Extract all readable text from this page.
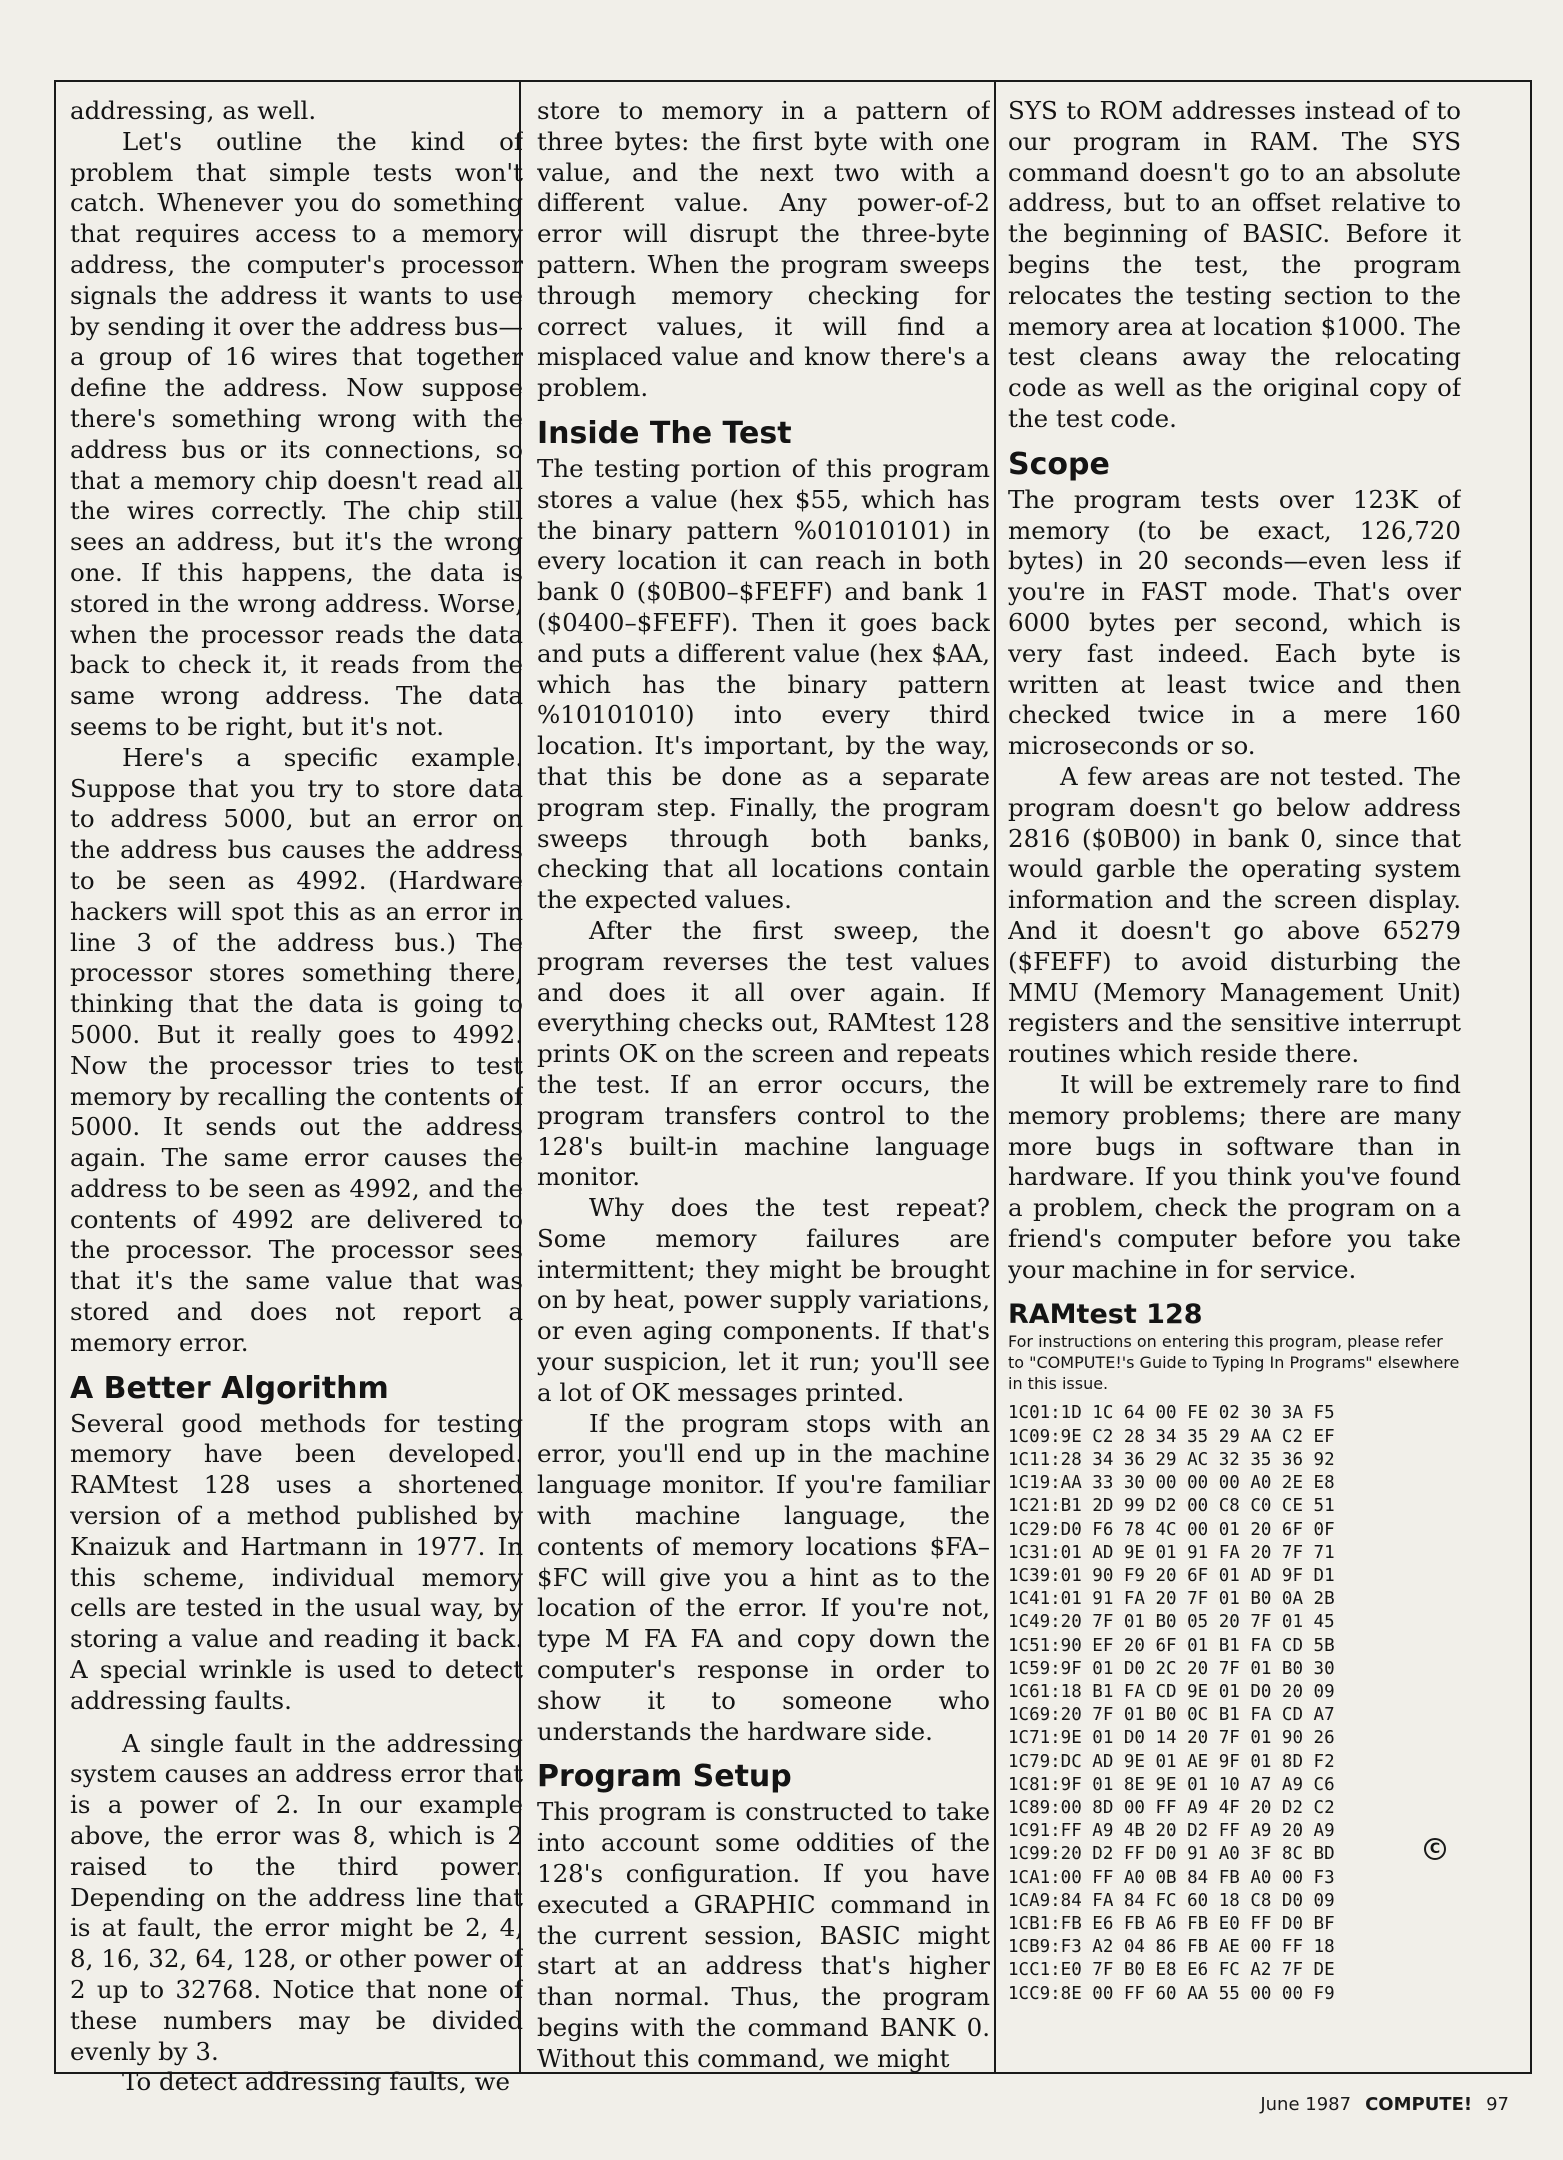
addressing, as well.

Let's outline the kind of problem that simple tests won't catch. Whenever you do something that requires access to a memory address, the computer's processor signals the address it wants to use by sending it over the address bus—a group of 16 wires that together define the address. Now suppose there's something wrong with the address bus or its connections, so that a memory chip doesn't read all the wires correctly. The chip still sees an address, but it's the wrong one. If this happens, the data is stored in the wrong address. Worse, when the processor reads the data back to check it, it reads from the same wrong address. The data seems to be right, but it's not.

Here's a specific example. Suppose that you try to store data to address 5000, but an error on the address bus causes the address to be seen as 4992. (Hardware hackers will spot this as an error in line 3 of the address bus.) The processor stores something there, thinking that the data is going to 5000. But it really goes to 4992. Now the processor tries to test memory by recalling the contents of 5000. It sends out the address again. The same error causes the address to be seen as 4992, and the contents of 4992 are delivered to the processor. The processor sees that it's the same value that was stored and does not report a memory error.

A Better Algorithm

Several good methods for testing memory have been developed. RAMtest 128 uses a shortened version of a method published by Knaizuk and Hartmann in 1977. In this scheme, individual memory cells are tested in the usual way, by storing a value and reading it back. A special wrinkle is used to detect addressing faults.

A single fault in the addressing system causes an address error that is a power of 2. In our example above, the error was 8, which is 2 raised to the third power. Depending on the address line that is at fault, the error might be 2, 4, 8, 16, 32, 64, 128, or other power of 2 up to 32768. Notice that none of these numbers may be divided evenly by 3.

To detect addressing faults, we

store to memory in a pattern of three bytes: the first byte with one value, and the next two with a different value. Any power-of-2 error will disrupt the three-byte pattern. When the program sweeps through memory checking for correct values, it will find a misplaced value and know there's a problem.

Inside The Test

The testing portion of this program stores a value (hex $55, which has the binary pattern %01010101) in every location it can reach in both bank 0 ($0B00–$FEFF) and bank 1 ($0400–$FEFF). Then it goes back and puts a different value (hex $AA, which has the binary pattern %10101010) into every third location. It's important, by the way, that this be done as a separate program step. Finally, the program sweeps through both banks, checking that all locations contain the expected values.

After the first sweep, the program reverses the test values and does it all over again. If everything checks out, RAMtest 128 prints OK on the screen and repeats the test. If an error occurs, the program transfers control to the 128's built-in machine language monitor.

Why does the test repeat? Some memory failures are intermittent; they might be brought on by heat, power supply variations, or even aging components. If that's your suspicion, let it run; you'll see a lot of OK messages printed.

If the program stops with an error, you'll end up in the machine language monitor. If you're familiar with machine language, the contents of memory locations $FA–$FC will give you a hint as to the location of the error. If you're not, type M FA FA and copy down the computer's response in order to show it to someone who understands the hardware side.

Program Setup

This program is constructed to take into account some oddities of the 128's configuration. If you have executed a GRAPHIC command in the current session, BASIC might start at an address that's higher than normal. Thus, the program begins with the command BANK 0. Without this command, we might

SYS to ROM addresses instead of to our program in RAM. The SYS command doesn't go to an absolute address, but to an offset relative to the beginning of BASIC. Before it begins the test, the program relocates the testing section to the memory area at location $1000. The test cleans away the relocating code as well as the original copy of the test code.

Scope

The program tests over 123K of memory (to be exact, 126,720 bytes) in 20 seconds—even less if you're in FAST mode. That's over 6000 bytes per second, which is very fast indeed. Each byte is written at least twice and then checked twice in a mere 160 microseconds or so.

A few areas are not tested. The program doesn't go below address 2816 ($0B00) in bank 0, since that would garble the operating system information and the screen display. And it doesn't go above 65279 ($FEFF) to avoid disturbing the MMU (Memory Management Unit) registers and the sensitive interrupt routines which reside there.

It will be extremely rare to find memory problems; there are many more bugs in software than in hardware. If you think you've found a problem, check the program on a friend's computer before you take your machine in for service.

RAMtest 128
For instructions on entering this program, please refer to "COMPUTE!'s Guide to Typing In Programs" elsewhere in this issue.
1C01:1D 1C 64 00 FE 02 30 3A F5
1C09:9E C2 28 34 35 29 AA C2 EF
1C11:28 34 36 29 AC 32 35 36 92
1C19:AA 33 30 00 00 00 A0 2E E8
1C21:B1 2D 99 D2 00 C8 C0 CE 51
1C29:D0 F6 78 4C 00 01 20 6F 0F
1C31:01 AD 9E 01 91 FA 20 7F 71
1C39:01 90 F9 20 6F 01 AD 9F D1
1C41:01 91 FA 20 7F 01 B0 0A 2B
1C49:20 7F 01 B0 05 20 7F 01 45
1C51:90 EF 20 6F 01 B1 FA CD 5B
1C59:9F 01 D0 2C 20 7F 01 B0 30
1C61:18 B1 FA CD 9E 01 D0 20 09
1C69:20 7F 01 B0 0C B1 FA CD A7
1C71:9E 01 D0 14 20 7F 01 90 26
1C79:DC AD 9E 01 AE 9F 01 8D F2
1C81:9F 01 8E 9E 01 10 A7 A9 C6
1C89:00 8D 00 FF A9 4F 20 D2 C2
1C91:FF A9 4B 20 D2 FF A9 20 A9
1C99:20 D2 FF D0 91 A0 3F 8C BD
1CA1:00 FF A0 0B 84 FB A0 00 F3
1CA9:84 FA 84 FC 60 18 C8 D0 09
1CB1:FB E6 FB A6 FB E0 FF D0 BF
1CB9:F3 A2 04 86 FB AE 00 FF 18
1CC1:E0 7F B0 E8 E6 FC A2 7F DE
1CC9:8E 00 FF 60 AA 55 00 00 F9
C
June 1987 COMPUTE! 97
